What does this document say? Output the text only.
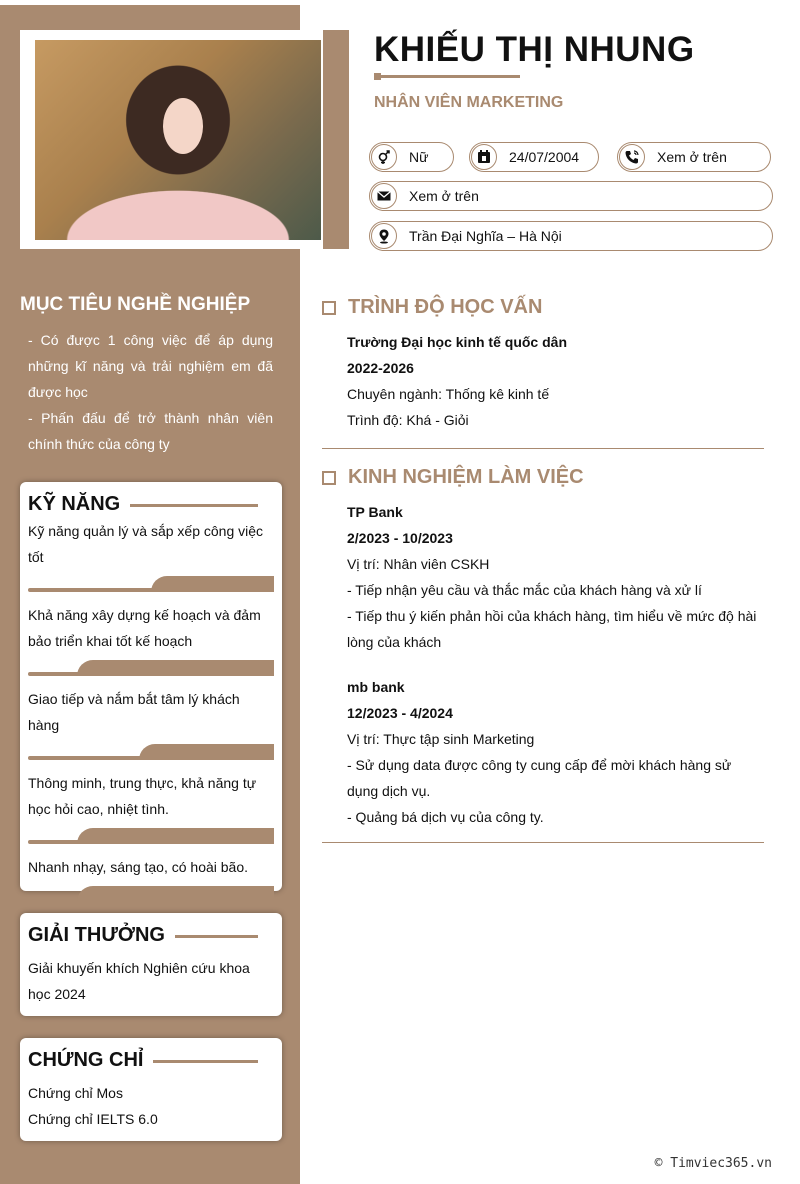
KHIẾU THỊ NHUNG
NHÂN VIÊN MARKETING
Nữ	24/07/2004	Xem ở trên
Xem ở trên
Trần Đại Nghĩa – Hà Nội
MỤC TIÊU NGHỀ NGHIỆP

- Có được 1 công việc để áp dụng những kĩ năng và trải nghiệm em đã được học

- Phấn đấu để trở thành nhân viên chính thức của công ty

KỸ NĂNG
Kỹ năng quản lý và sắp xếp công việc tốt
Khả năng xây dựng kế hoạch và đảm bảo triển khai tốt kế hoạch
Giao tiếp và nắm bắt tâm lý khách hàng
Thông minh, trung thực, khả năng tự học hỏi cao, nhiệt tình.
Nhanh nhạy, sáng tạo, có hoài bão.
GIẢI THƯỞNG
Giải khuyến khích Nghiên cứu khoa học 2024
CHỨNG CHỈ
Chứng chỉ Mos
Chứng chỉ IELTS 6.0
TRÌNH ĐỘ HỌC VẤN

Trường Đại học kinh tế quốc dân

2022-2026

Chuyên ngành: Thống kê kinh tế

Trình độ: Khá - Giỏi

KINH NGHIỆM LÀM VIỆC

TP Bank

2/2023 - 10/2023

Vị trí: Nhân viên CSKH

- Tiếp nhận yêu cầu và thắc mắc của khách hàng và xử lí

- Tiếp thu ý kiến phản hồi của khách hàng, tìm hiểu về mức độ hài lòng của khách

mb bank

12/2023 - 4/2024

Vị trí: Thực tập sinh Marketing

- Sử dụng data được công ty cung cấp để mời khách hàng sử dụng dịch vụ.

- Quảng bá dịch vụ của công ty.

© Timviec365.vn
